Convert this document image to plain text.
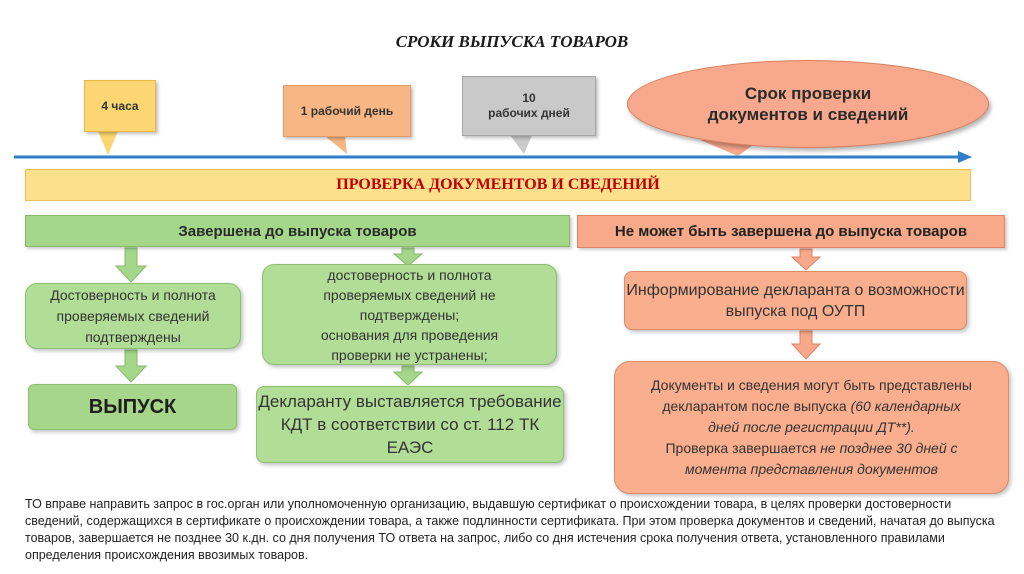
СРОКИ ВЫПУСКА ТОВАРОВ
4 часа	1 рабочий день
10
рабочих дней
Срок проверки
документов и сведений
ПРОВЕРКА ДОКУМЕНТОВ И СВЕДЕНИЙ
Завершена до выпуска товаров	Не может быть завершена до выпуска товаров
Достоверность и полнота проверяемых сведений подтверждены
достоверность и полнота
проверяемых сведений не
подтверждены;
основания для проведения
проверки не устранены;
ВЫПУСК	Декларанту выставляется требование КДТ в соответствии со ст. 112 ТК ЕАЭС
Информирование декларанта о возможности выпуска под ОУТП
Документы и сведения могут быть представлены
декларантом после выпуска (60 календарных
дней после регистрации ДТ**).
Проверка завершается не позднее 30 дней с
момента представления документов
ТО вправе направить запрос в гос.орган или уполномоченную организацию, выдавшую сертификат о происхождении товара, в целях проверки достоверности сведений, содержащихся в сертификате о происхождении товара, а также подлинности сертификата. При этом проверка документов и сведений, начатая до выпуска товаров, завершается не позднее 30 к.дн. со дня получения ТО ответа на запрос, либо со дня истечения срока получения ответа, установленного правилами определения происхождения ввозимых товаров.
